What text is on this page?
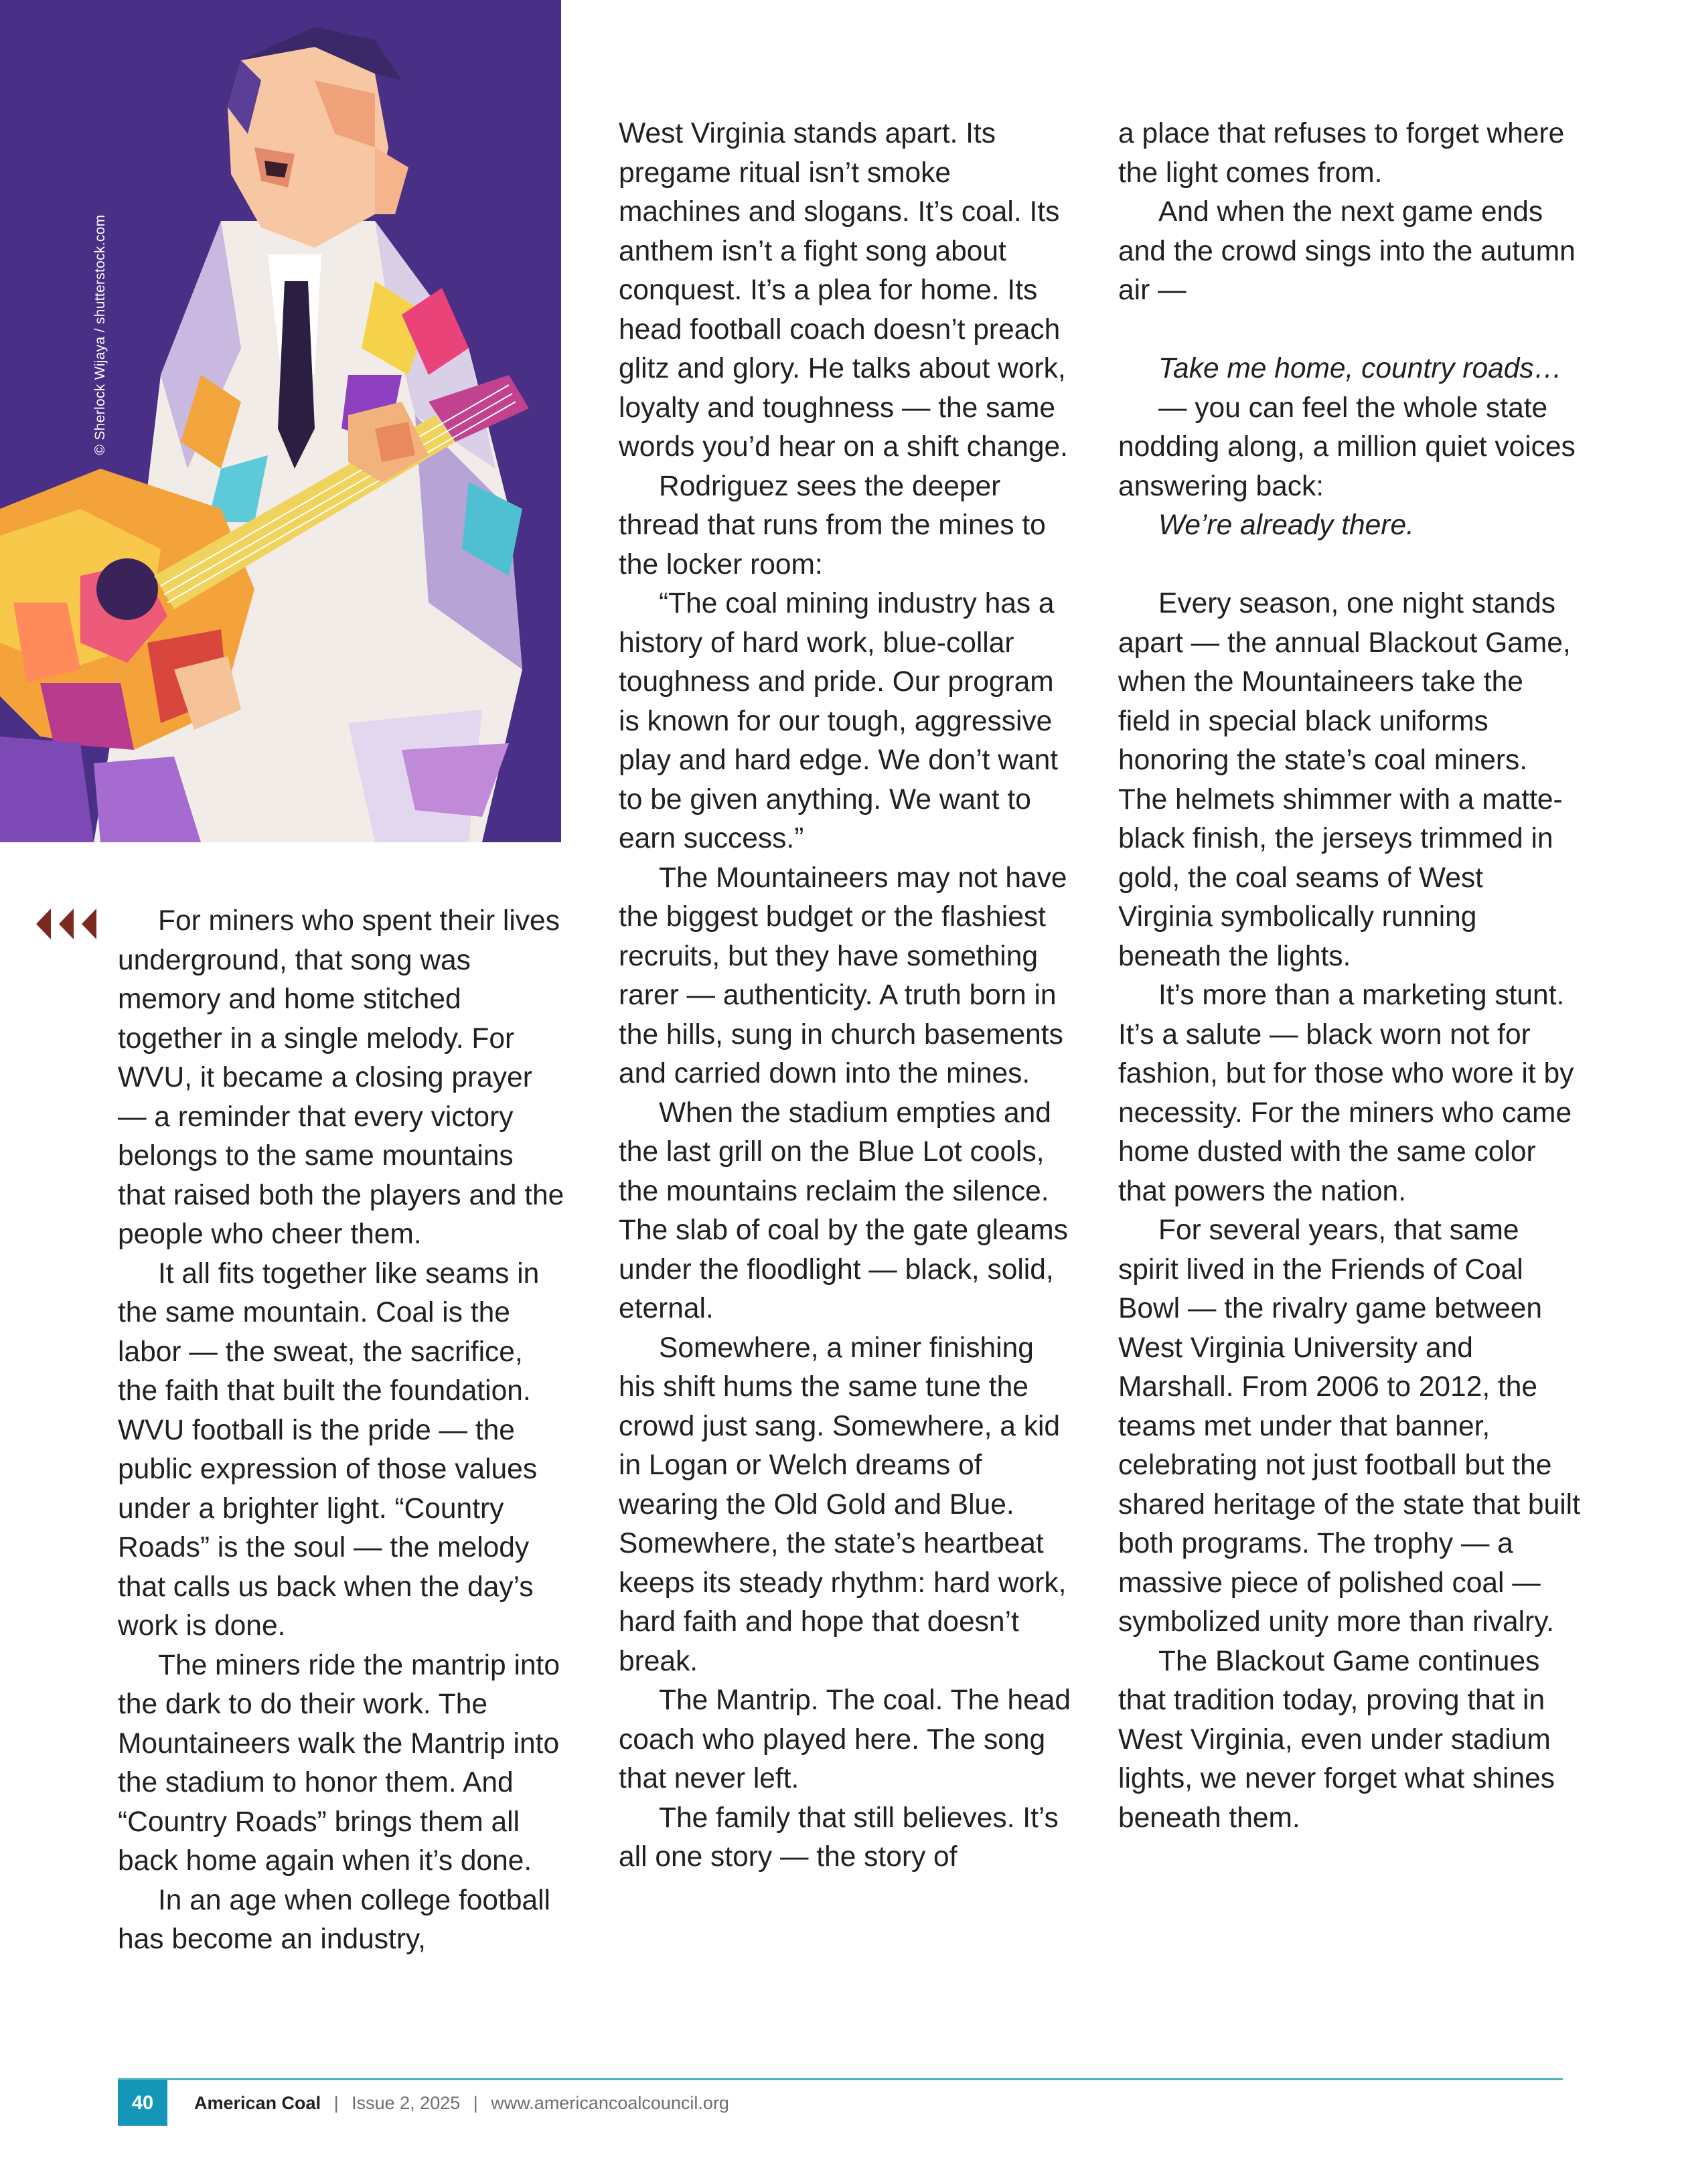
© Sherlock Wijaya / shutterstock.com

For miners who spent their lives underground, that song was memory and home stitched together in a single melody. For WVU, it became a closing prayer — a reminder that every victory belongs to the same mountains that raised both the players and the people who cheer them.

It all fits together like seams in the same mountain. Coal is the labor — the sweat, the sacrifice, the faith that built the foundation. WVU football is the pride — the public expression of those values under a brighter light. “Country Roads” is the soul — the melody that calls us back when the day’s work is done.

The miners ride the mantrip into the dark to do their work. The Mountaineers walk the Mantrip into the stadium to honor them. And “Country Roads” brings them all back home again when it’s done.

In an age when college football has become an industry,

West Virginia stands apart. Its pregame ritual isn’t smoke machines and slogans. It’s coal. Its anthem isn’t a fight song about conquest. It’s a plea for home. Its head football coach doesn’t preach glitz and glory. He talks about work, loyalty and toughness — the same words you’d hear on a shift change.

Rodriguez sees the deeper thread that runs from the mines to the locker room:

“The coal mining industry has a history of hard work, blue-collar toughness and pride. Our program is known for our tough, aggressive play and hard edge. We don’t want to be given anything. We want to earn success.”

The Mountaineers may not have the biggest budget or the flashiest recruits, but they have something rarer — authenticity. A truth born in the hills, sung in church basements and carried down into the mines.

When the stadium empties and the last grill on the Blue Lot cools, the mountains reclaim the silence. The slab of coal by the gate gleams under the floodlight — black, solid, eternal.

Somewhere, a miner finishing his shift hums the same tune the crowd just sang. Somewhere, a kid in Logan or Welch dreams of wearing the Old Gold and Blue. Somewhere, the state’s heartbeat keeps its steady rhythm: hard work, hard faith and hope that doesn’t break.

The Mantrip. The coal. The head coach who played here. The song that never left.

The family that still believes. It’s all one story — the story of

a place that refuses to forget where the light comes from.

And when the next game ends and the crowd sings into the autumn air —

Take me home, country roads…

— you can feel the whole state nodding along, a million quiet voices answering back:

We’re already there.

Every season, one night stands apart — the annual Blackout Game, when the Mountaineers take the field in special black uniforms honoring the state’s coal miners. The helmets shimmer with a matte-black finish, the jerseys trimmed in gold, the coal seams of West Virginia symbolically running beneath the lights.

It’s more than a marketing stunt. It’s a salute — black worn not for fashion, but for those who wore it by necessity. For the miners who came home dusted with the same color that powers the nation.

For several years, that same spirit lived in the Friends of Coal Bowl — the rivalry game between West Virginia University and Marshall. From 2006 to 2012, the teams met under that banner, celebrating not just football but the shared heritage of the state that built both programs. The trophy — a massive piece of polished coal — symbolized unity more than rivalry.

The Blackout Game continues that tradition today, proving that in West Virginia, even under stadium lights, we never forget what shines beneath them.

40	American Coal | Issue 2, 2025 | www.americancoalcouncil.org
